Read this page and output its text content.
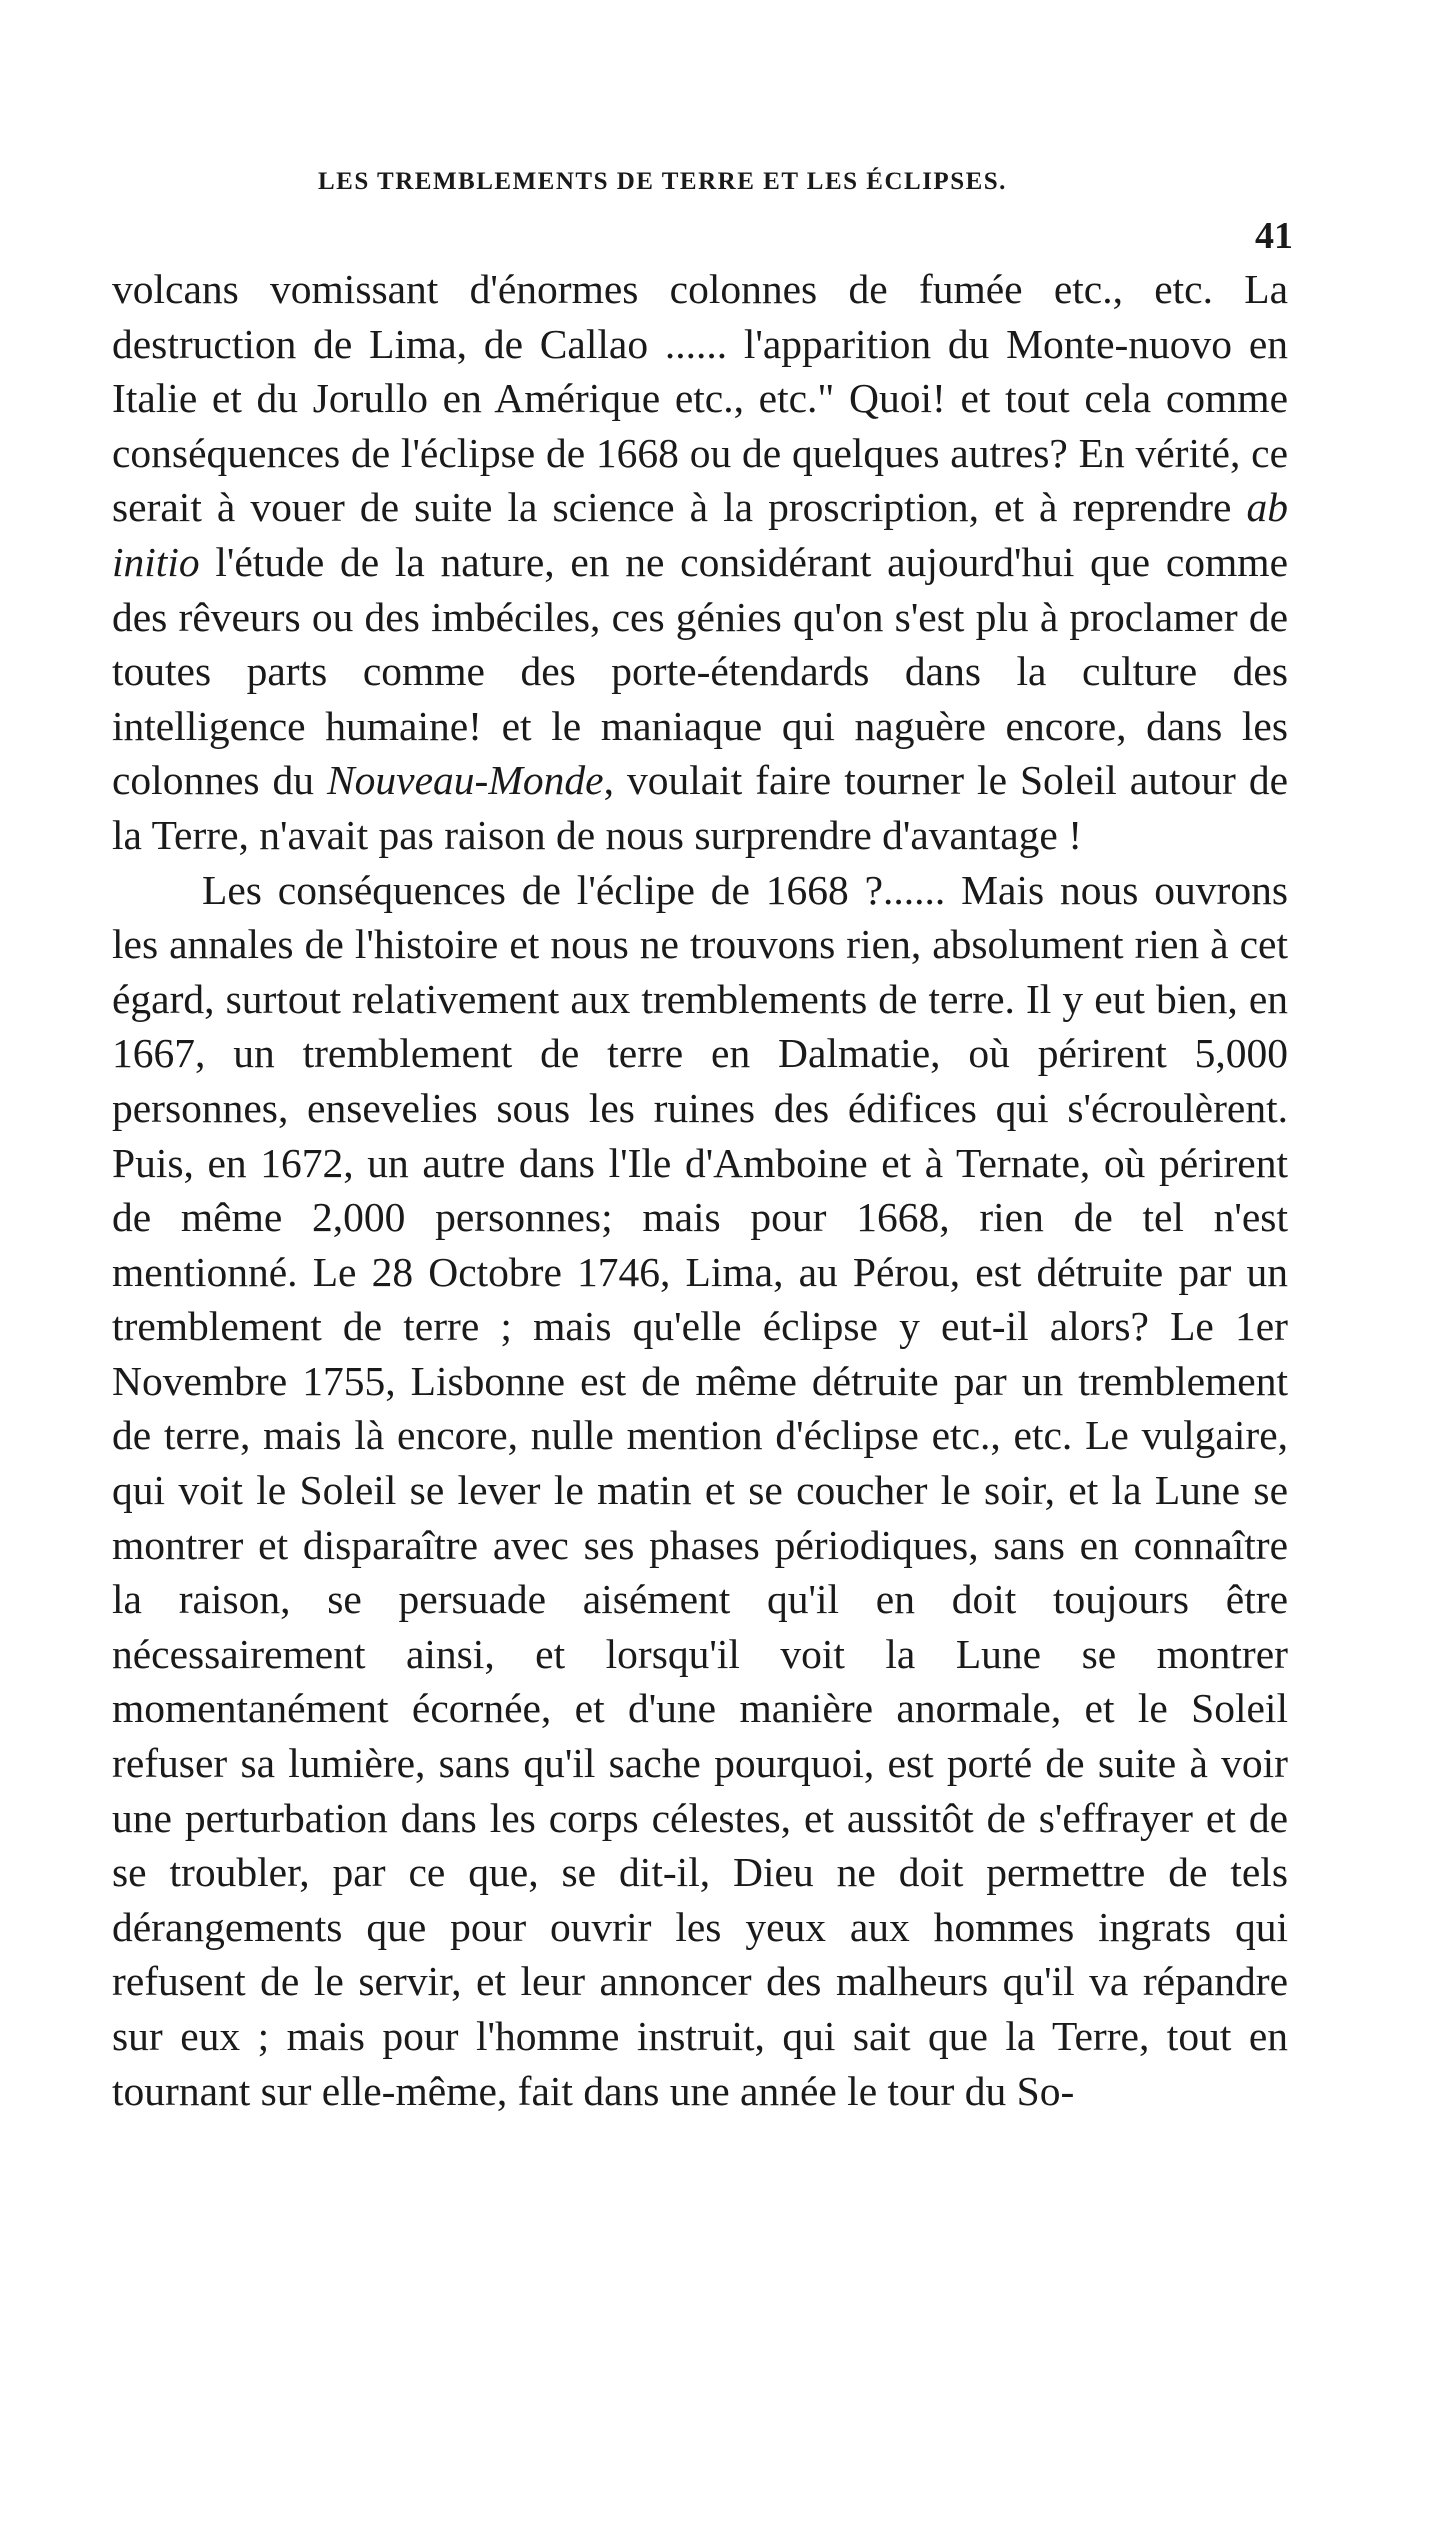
LES TREMBLEMENTS DE TERRE ET LES ÉCLIPSES.
41

volcans vomissant d'énormes colonnes de fumée etc., etc. La destruction de Lima, de Callao ...... l'apparition du Monte-nuovo en Italie et du Jorullo en Amérique etc., etc." Quoi! et tout cela comme conséquences de l'éclipse de 1668 ou de quelques autres? En vérité, ce serait à vouer de suite la science à la proscription, et à reprendre ab initio l'étude de la nature, en ne considérant aujourd'hui que comme des rêveurs ou des imbéciles, ces génies qu'on s'est plu à proclamer de toutes parts comme des porte-étendards dans la culture des intelligence humaine! et le maniaque qui naguère encore, dans les colonnes du Nouveau-Monde, voulait faire tourner le Soleil autour de la Terre, n'avait pas raison de nous surprendre d'avantage !

Les conséquences de l'éclipe de 1668 ?...... Mais nous ouvrons les annales de l'histoire et nous ne trouvons rien, absolument rien à cet égard, surtout relativement aux tremblements de terre. Il y eut bien, en 1667, un tremblement de terre en Dalmatie, où périrent 5,000 personnes, ensevelies sous les ruines des édifices qui s'écroulèrent. Puis, en 1672, un autre dans l'Ile d'Amboine et à Ternate, où périrent de même 2,000 personnes; mais pour 1668, rien de tel n'est mentionné. Le 28 Octobre 1746, Lima, au Pérou, est détruite par un tremblement de terre ; mais qu'elle éclipse y eut-il alors? Le 1er Novembre 1755, Lisbonne est de même détruite par un tremblement de terre, mais là encore, nulle mention d'éclipse etc., etc. Le vulgaire, qui voit le Soleil se lever le matin et se coucher le soir, et la Lune se montrer et disparaître avec ses phases périodiques, sans en connaître la raison, se persuade aisément qu'il en doit toujours être nécessairement ainsi, et lorsqu'il voit la Lune se montrer momentanément écornée, et d'une manière anormale, et le Soleil refuser sa lumière, sans qu'il sache pourquoi, est porté de suite à voir une perturbation dans les corps célestes, et aussitôt de s'effrayer et de se troubler, par ce que, se dit-il, Dieu ne doit permettre de tels dérangements que pour ouvrir les yeux aux hommes ingrats qui refusent de le servir, et leur annoncer des malheurs qu'il va répandre sur eux ; mais pour l'homme instruit, qui sait que la Terre, tout en tournant sur elle-même, fait dans une année le tour du So-
